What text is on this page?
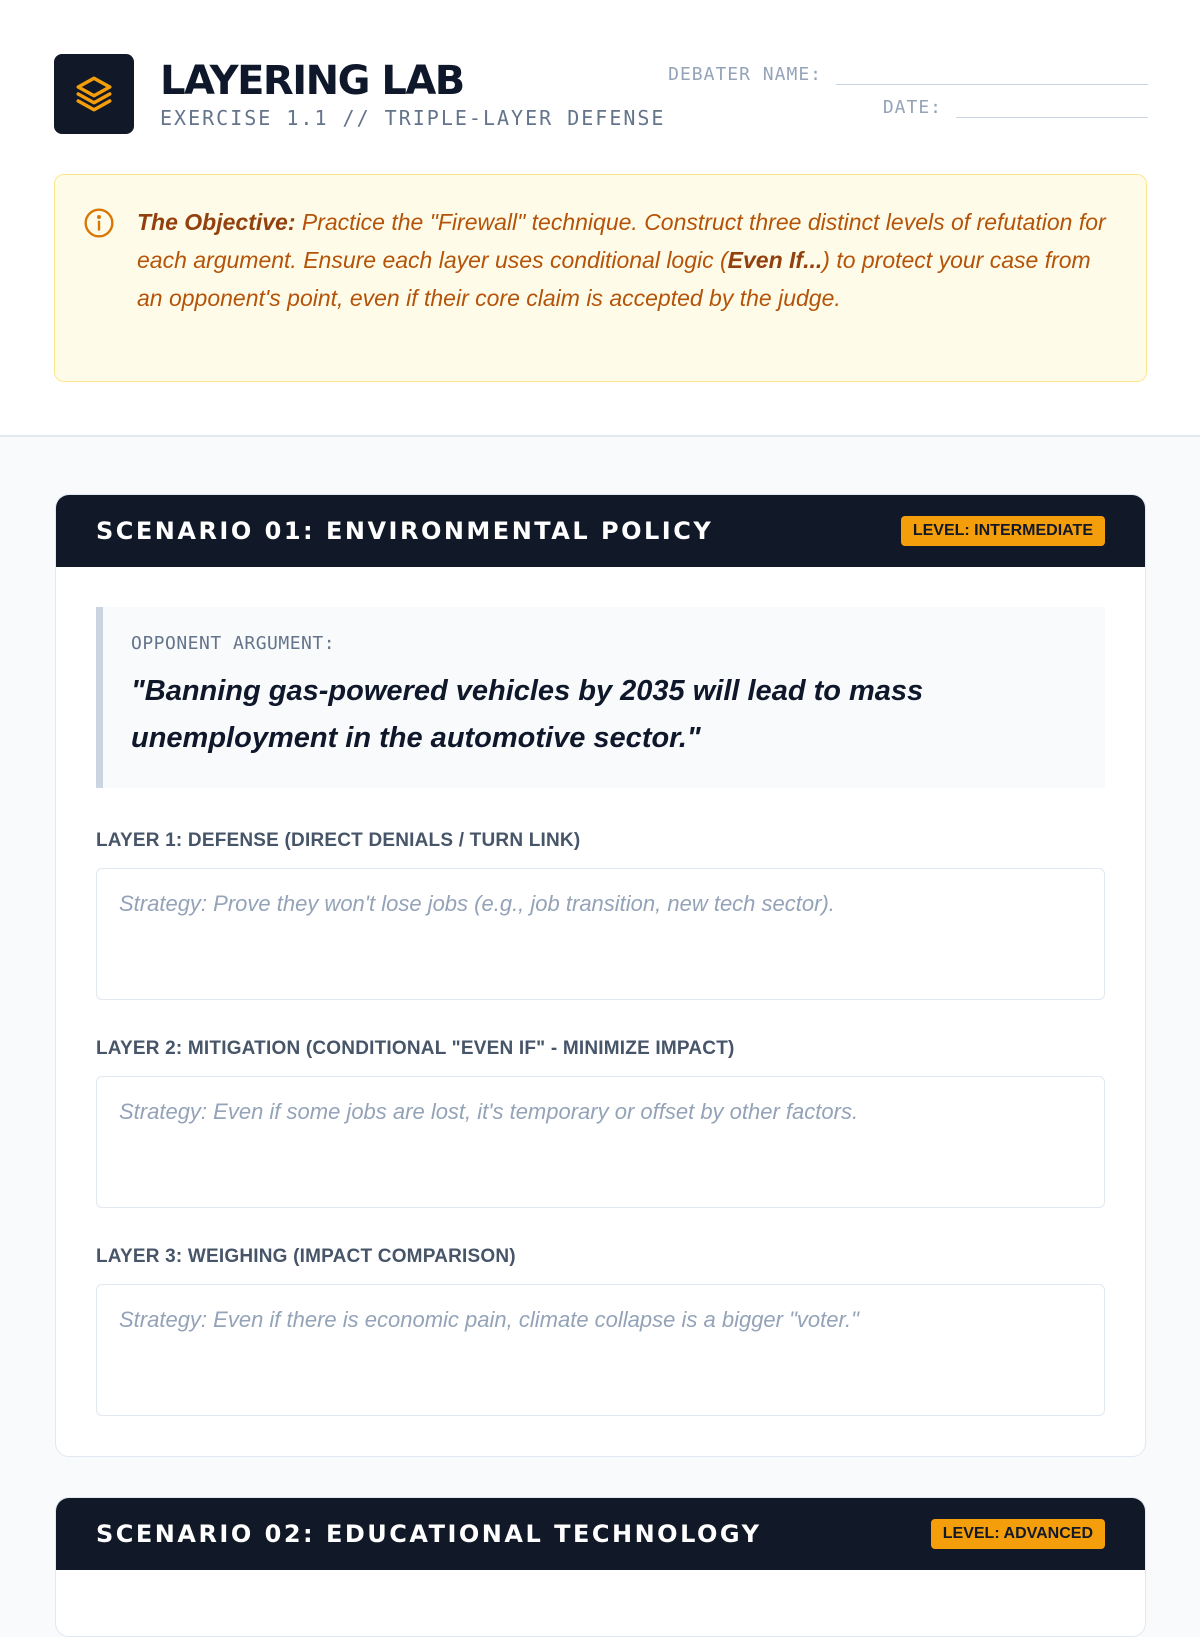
LAYERING LAB
EXERCISE 1.1 // TRIPLE-LAYER DEFENSE
DEBATER NAME:
DATE:

The Objective: Practice the "Firewall" technique. Construct three distinct levels of refutation for each argument. Ensure each layer uses conditional logic (Even If...) to protect your case from an opponent's point, even if their core claim is accepted by the judge.

SCENARIO 01: ENVIRONMENTAL POLICY	LEVEL: INTERMEDIATE
OPPONENT ARGUMENT:
"Banning gas-powered vehicles by 2035 will lead to mass unemployment in the automotive sector."
LAYER 1: DEFENSE (DIRECT DENIALS / TURN LINK)
Strategy: Prove they won't lose jobs (e.g., job transition, new tech sector).
LAYER 2: MITIGATION (CONDITIONAL "EVEN IF" - MINIMIZE IMPACT)
Strategy: Even if some jobs are lost, it's temporary or offset by other factors.
LAYER 3: WEIGHING (IMPACT COMPARISON)
Strategy: Even if there is economic pain, climate collapse is a bigger "voter."
SCENARIO 02: EDUCATIONAL TECHNOLOGY	LEVEL: ADVANCED
